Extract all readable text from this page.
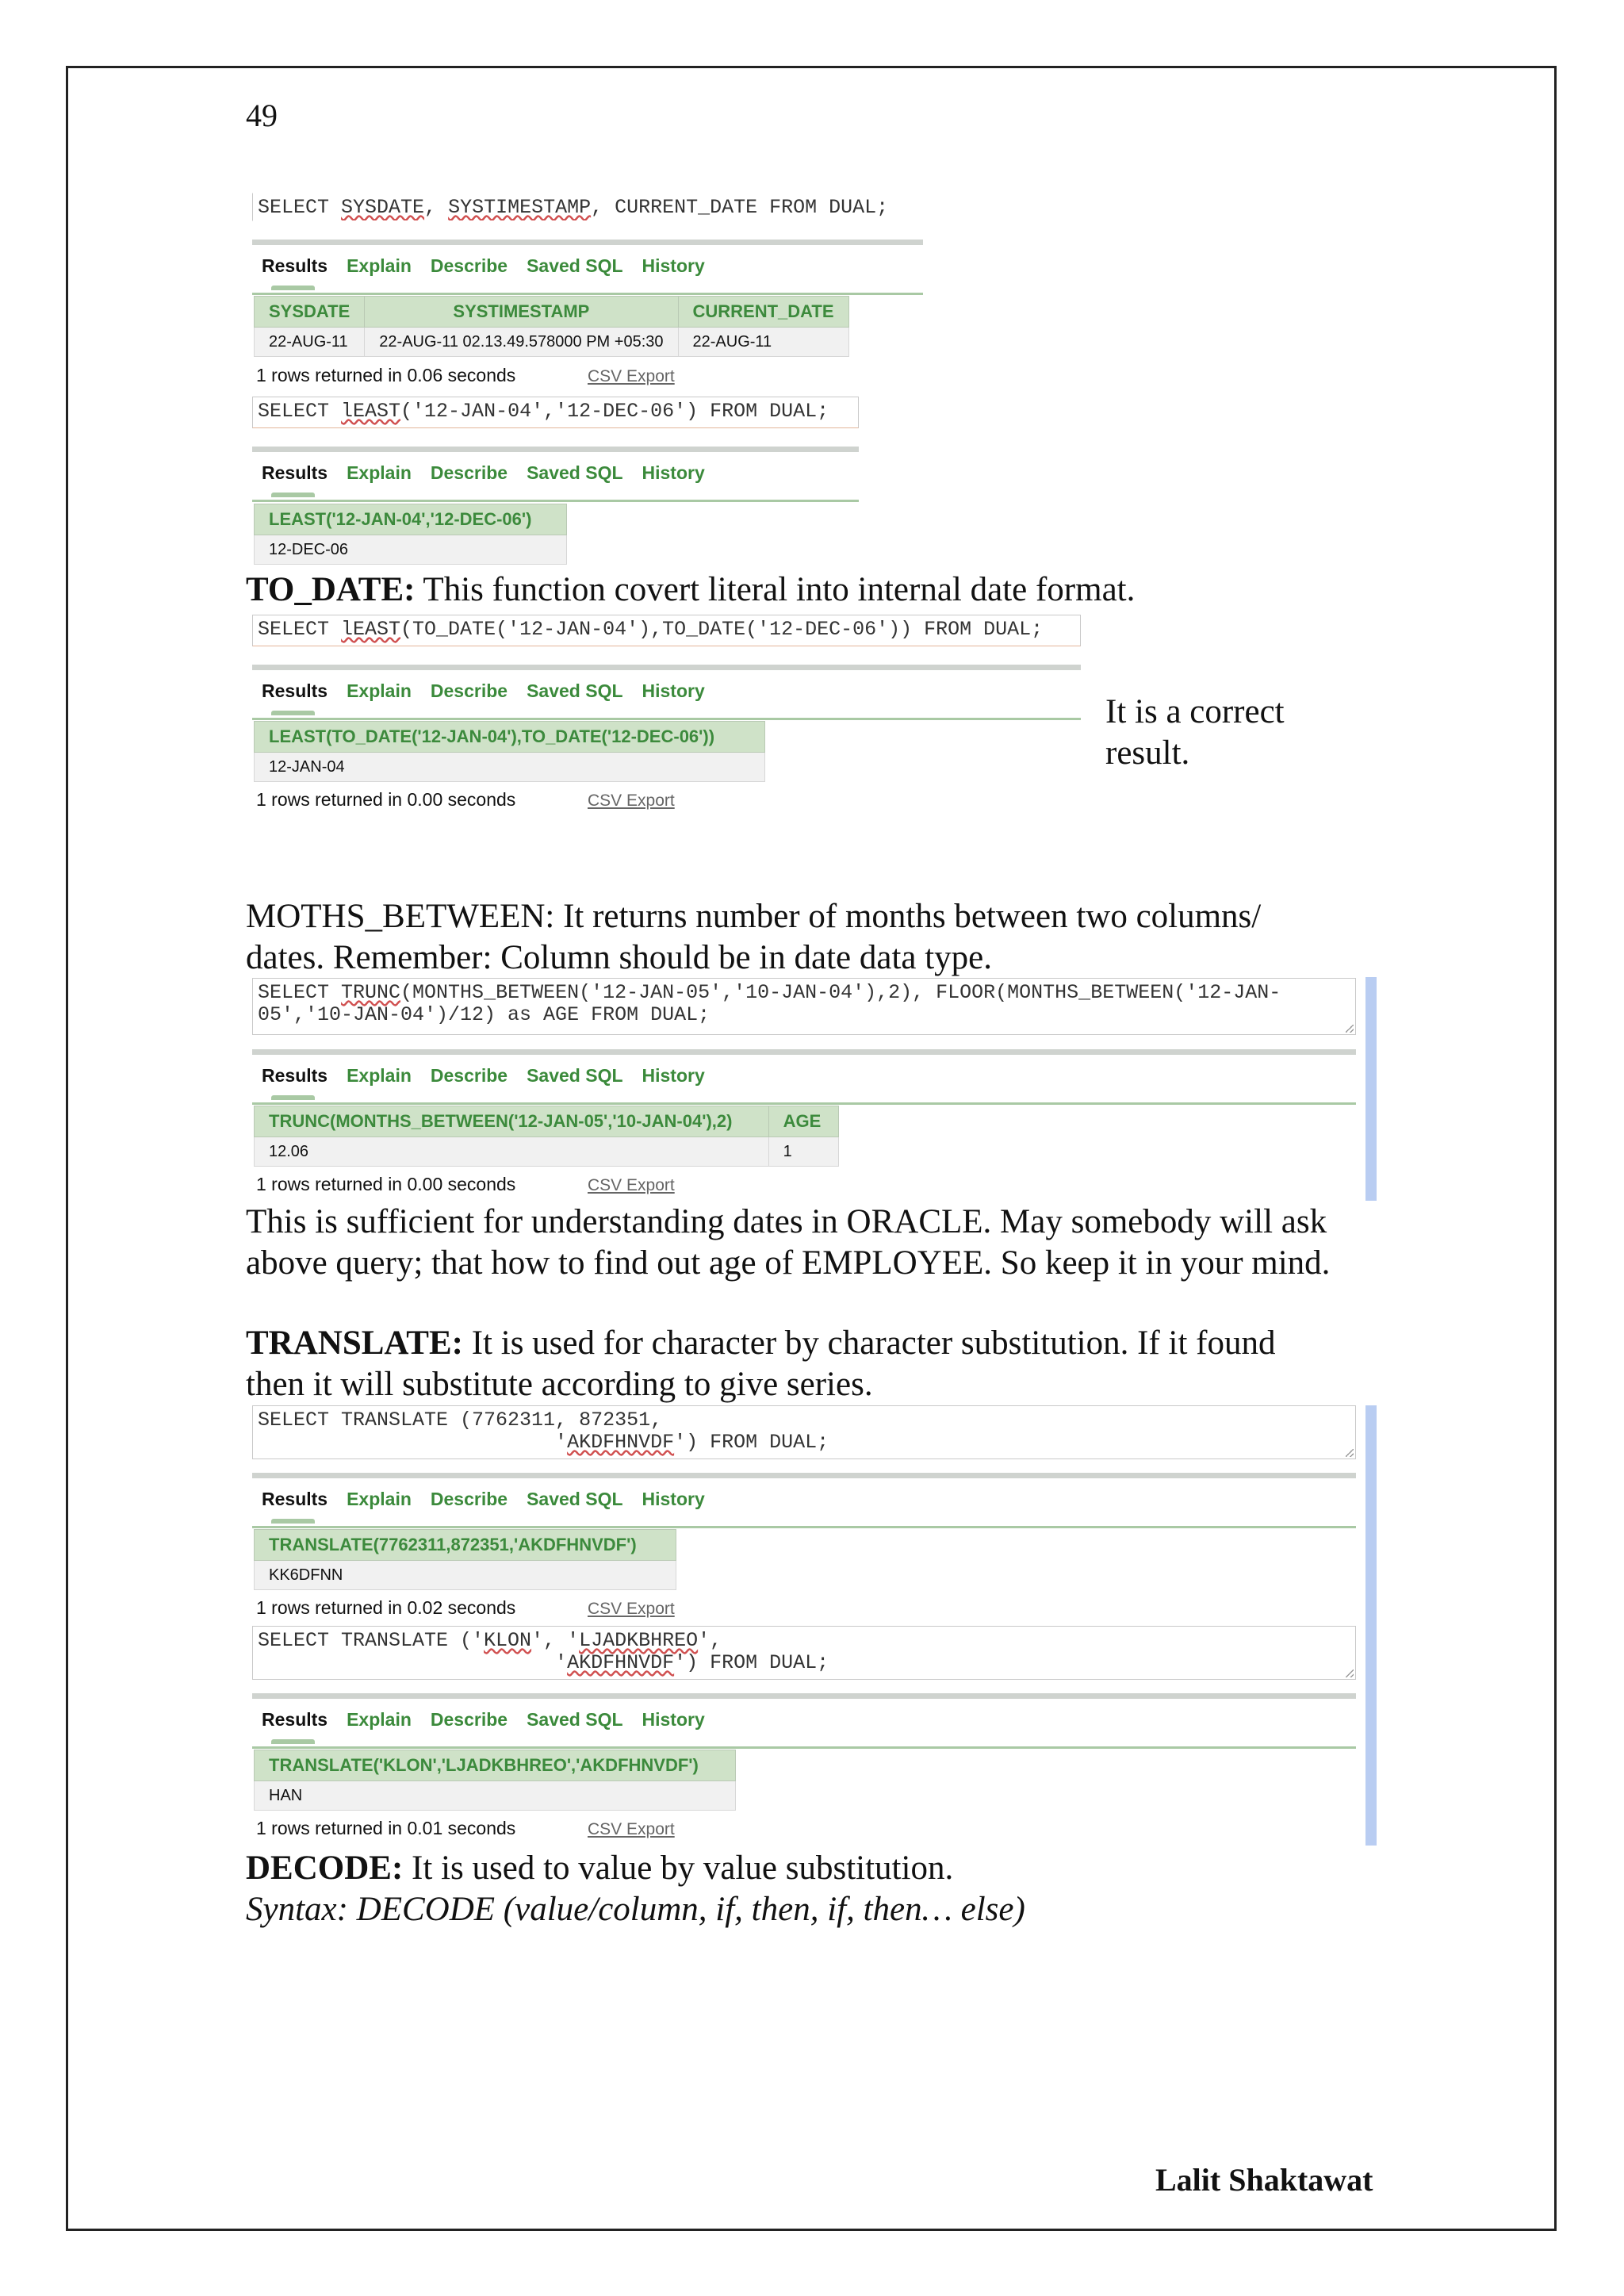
49
SELECT SYSDATE, SYSTIMESTAMP, CURRENT_DATE FROM DUAL;
Results Explain Describe Saved SQL History
SYSDATE	SYSTIMESTAMP	CURRENT_DATE
22-AUG-11	22-AUG-11 02.13.49.578000 PM +05:30	22-AUG-11
1 rows returned in 0.06 seconds	CSV Export
SELECT lEAST('12-JAN-04','12-DEC-06') FROM DUAL;
Results Explain Describe Saved SQL History
LEAST('12-JAN-04','12-DEC-06')
12-DEC-06
TO_DATE: This function covert literal into internal date format.
SELECT lEAST(TO_DATE('12-JAN-04'),TO_DATE('12-DEC-06')) FROM DUAL;
Results Explain Describe Saved SQL History
LEAST(TO_DATE('12-JAN-04'),TO_DATE('12-DEC-06'))
12-JAN-04
1 rows returned in 0.00 seconds	CSV Export
It is a correct
result.
MOTHS_BETWEEN: It returns number of months between two columns/
dates. Remember: Column should be in date data type.
SELECT TRUNC(MONTHS_BETWEEN('12-JAN-05','10-JAN-04'),2), FLOOR(MONTHS_BETWEEN('12-JAN-
05','10-JAN-04')/12) as AGE FROM DUAL;
Results Explain Describe Saved SQL History
TRUNC(MONTHS_BETWEEN('12-JAN-05','10-JAN-04'),2)	AGE
12.06	1
1 rows returned in 0.00 seconds	CSV Export
This is sufficient for understanding dates in ORACLE. May somebody will ask
above query; that how to find out age of EMPLOYEE. So keep it in your mind.
TRANSLATE: It is used for character by character substitution. If it found
then it will substitute according to give series.
SELECT TRANSLATE (7762311, 872351,
'AKDFHNVDF') FROM DUAL;
Results Explain Describe Saved SQL History
TRANSLATE(7762311,872351,'AKDFHNVDF')
KK6DFNN
1 rows returned in 0.02 seconds	CSV Export
SELECT TRANSLATE ('KLON', 'LJADKBHREO',
'AKDFHNVDF') FROM DUAL;
Results Explain Describe Saved SQL History
TRANSLATE('KLON','LJADKBHREO','AKDFHNVDF')
HAN
1 rows returned in 0.01 seconds	CSV Export
DECODE: It is used to value by value substitution.
Syntax: DECODE (value/column, if, then, if, then… else)
Lalit Shaktawat
